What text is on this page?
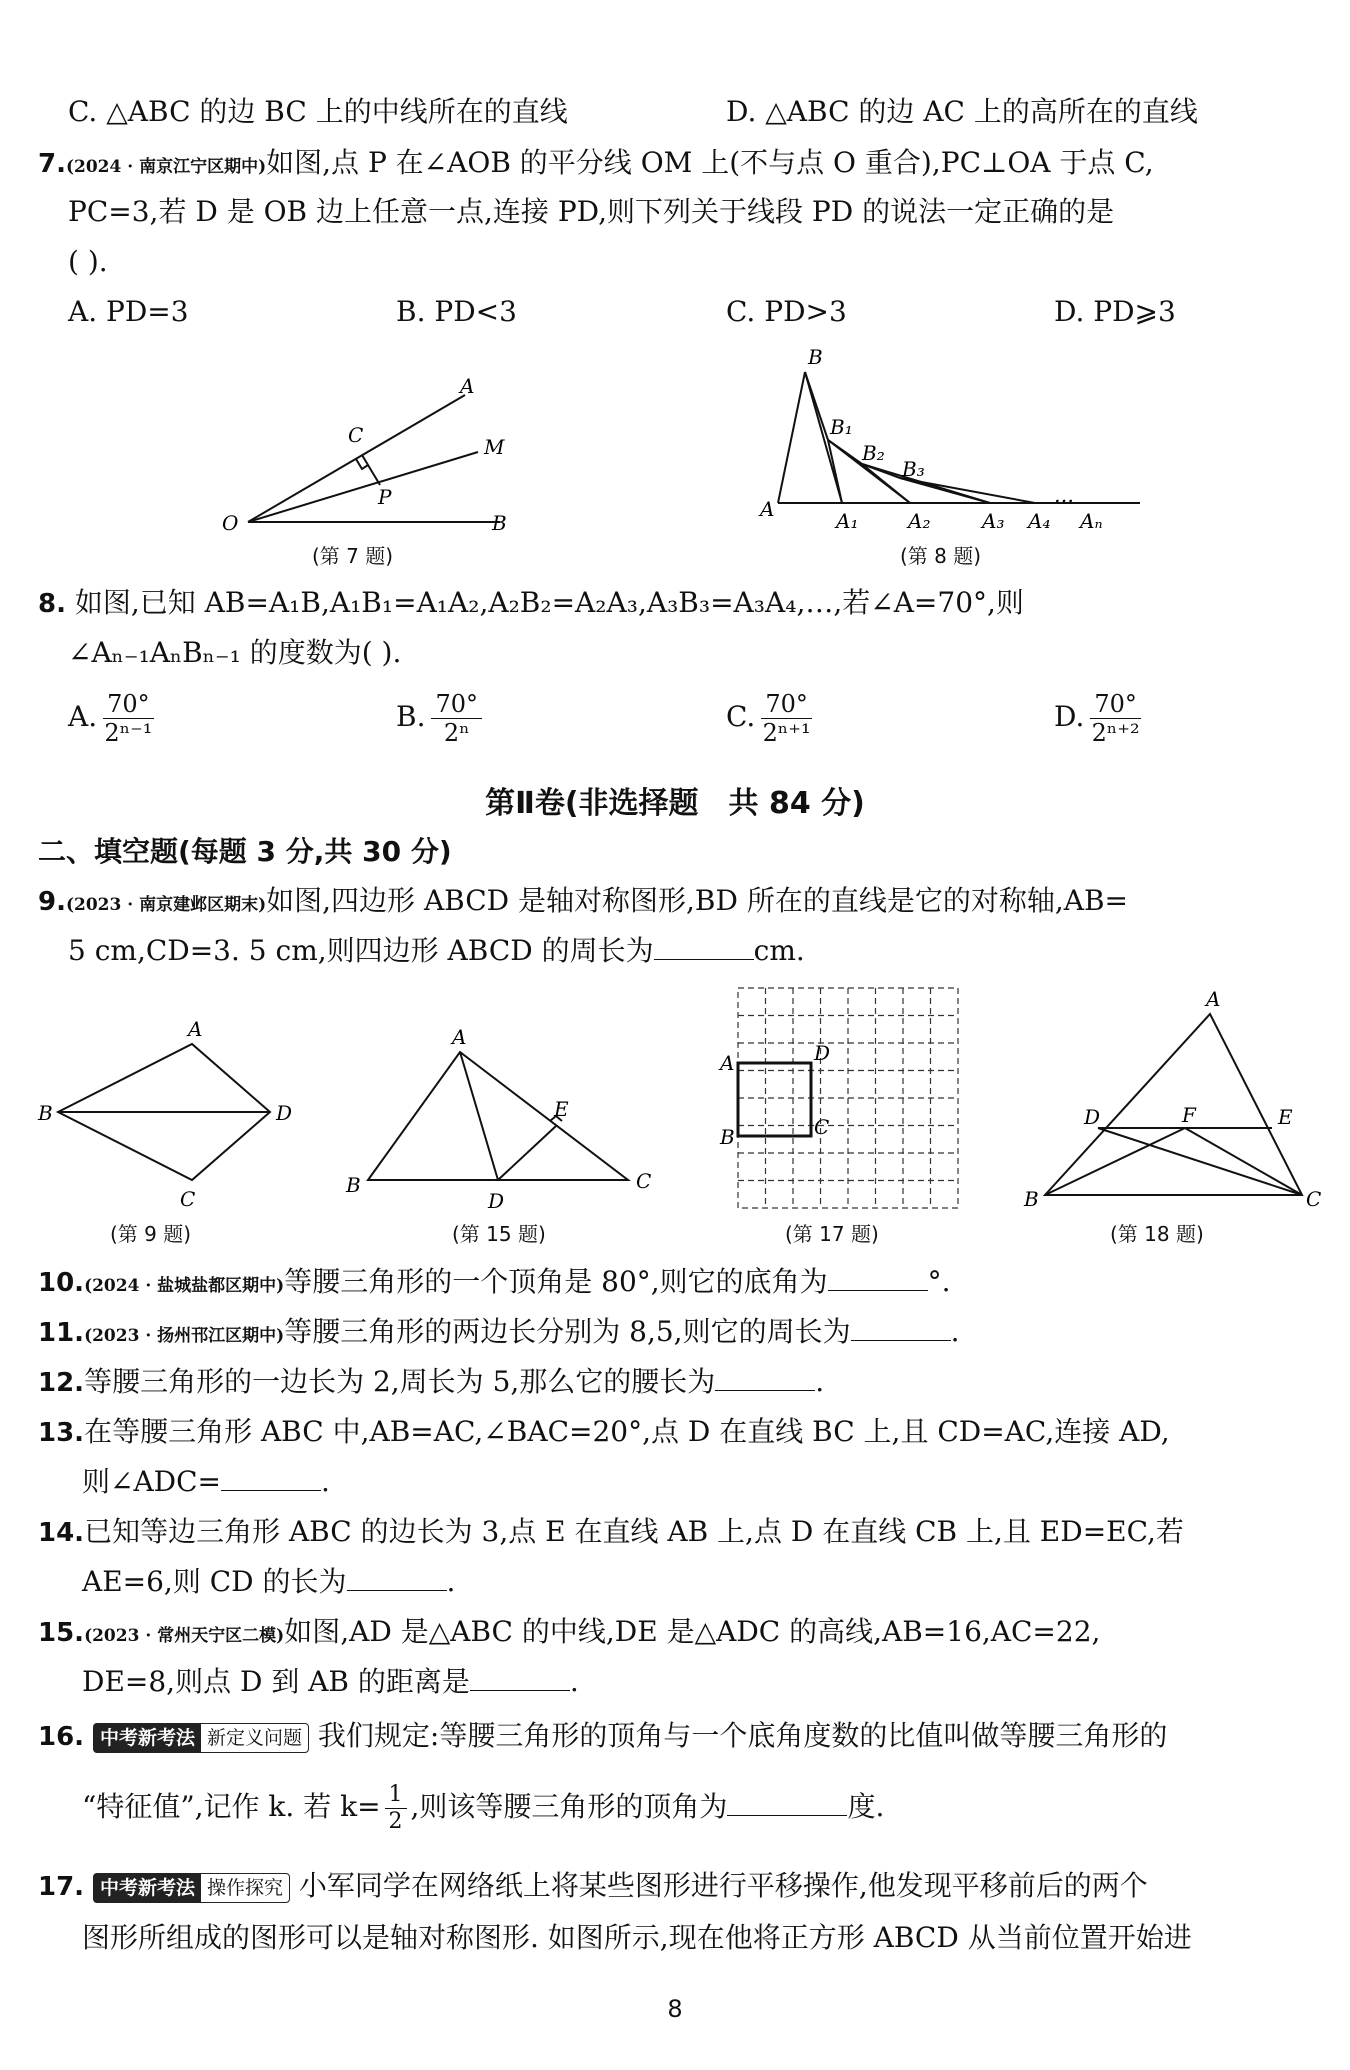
C. △ABC 的边 BC 上的中线所在的直线	D. △ABC 的边 AC 上的高所在的直线
7.(2024 · 南京江宁区期中)如图,点 P 在∠AOB 的平分线 OM 上(不与点 O 重合),PC⊥OA 于点 C,
PC=3,若 D 是 OB 边上任意一点,连接 PD,则下列关于线段 PD 的说法一定正确的是
( ).
A. PD=3	B. PD<3	C. PD>3	D. PD⩾3
A
C	M
P
O	B
(第 7 题)
B
B₁
B₂
B₃
A	A₁ A₂	A₃ A₄
…
Aₙ
(第 8 题)
8. 如图,已知 AB=A₁B,A₁B₁=A₁A₂,A₂B₂=A₂A₃,A₃B₃=A₃A₄,…,若∠A=70°,则
∠Aₙ₋₁AₙBₙ₋₁ 的度数为( ).
A. $\frac{70^\circ}{\text{2ⁿ⁻¹}}$	B. $\frac{70^\circ}{\text{2ⁿ}}$	C. $\frac{70^\circ}{\text{2ⁿ⁺¹}}$	D. $\frac{70^\circ}{\text{2ⁿ⁺²}}$
第Ⅱ卷(非选择题　共 84 分)
二、填空题(每题 3 分,共 30 分)
9.(2023 · 南京建邺区期末)如图,四边形 ABCD 是轴对称图形,BD 所在的直线是它的对称轴,AB=
5 cm,CD=3. 5 cm,则四边形 ABCD 的周长为	cm.
A
B	D
C
(第 9 题)
A
E
B
D
C
(第 15 题)
A	D
B	C
(第 17 题)
A
D	F	E
B	C
(第 18 题)
10.(2024 · 盐城盐都区期中)等腰三角形的一个顶角是 80°,则它的底角为	°.
11.(2023 · 扬州邗江区期中)等腰三角形的两边长分别为 8,5,则它的周长为	.
12.等腰三角形的一边长为 2,周长为 5,那么它的腰长为	.
13.在等腰三角形 ABC 中,AB=AC,∠BAC=20°,点 D 在直线 BC 上,且 CD=AC,连接 AD,
则∠ADC=	.
14.已知等边三角形 ABC 的边长为 3,点 E 在直线 AB 上,点 D 在直线 CB 上,且 ED=EC,若
AE=6,则 CD 的长为	.
15.(2023 · 常州天宁区二模)如图,AD 是△ABC 的中线,DE 是△ADC 的高线,AB=16,AC=22,
DE=8,则点 D 到 AB 的距离是	.
16. 中考新考法 新定义问题 我们规定:等腰三角形的顶角与一个底角度数的比值叫做等腰三角形的
“特征值”,记作 k. 若 $k= \frac{1}{2}$ ,则该等腰三角形的顶角为	度.
17. 中考新考法 操作探究 小军同学在网络纸上将某些图形进行平移操作,他发现平移前后的两个
图形所组成的图形可以是轴对称图形. 如图所示,现在他将正方形 ABCD 从当前位置开始进
8
